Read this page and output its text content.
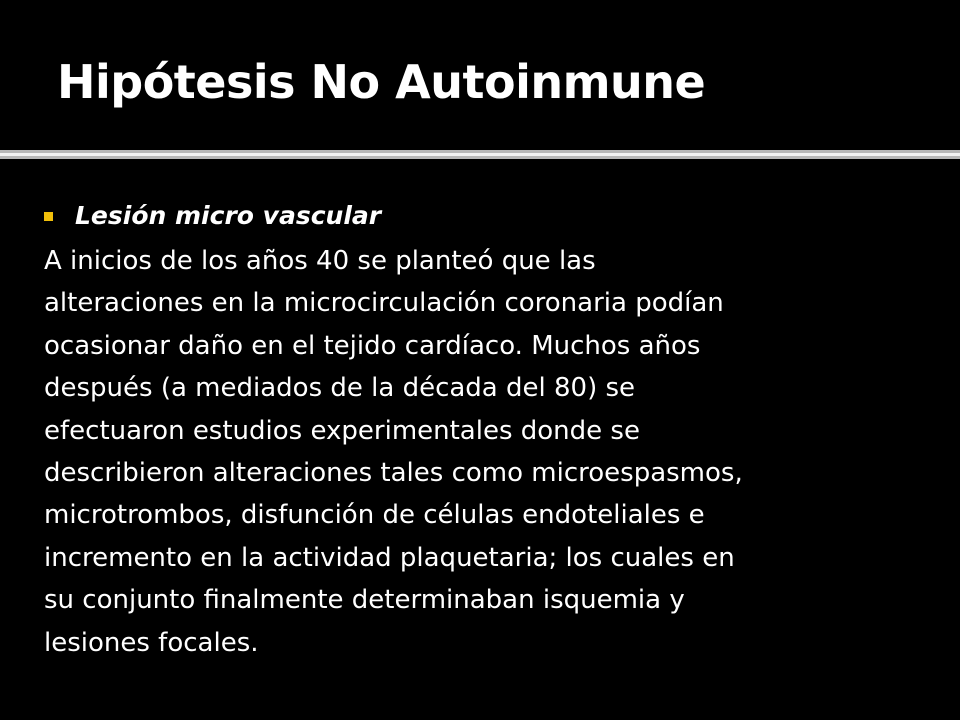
Hipótesis No Autoinmune
Lesión micro vascular

A inicios de los años 40 se planteó que las
alteraciones en la microcirculación coronaria podían
ocasionar daño en el tejido cardíaco. Muchos años
después (a mediados de la década del 80) se
efectuaron estudios experimentales donde se
describieron alteraciones tales como microespasmos,
microtrombos, disfunción de células endoteliales e
incremento en la actividad plaquetaria; los cuales en
su conjunto finalmente determinaban isquemia y
lesiones focales.
